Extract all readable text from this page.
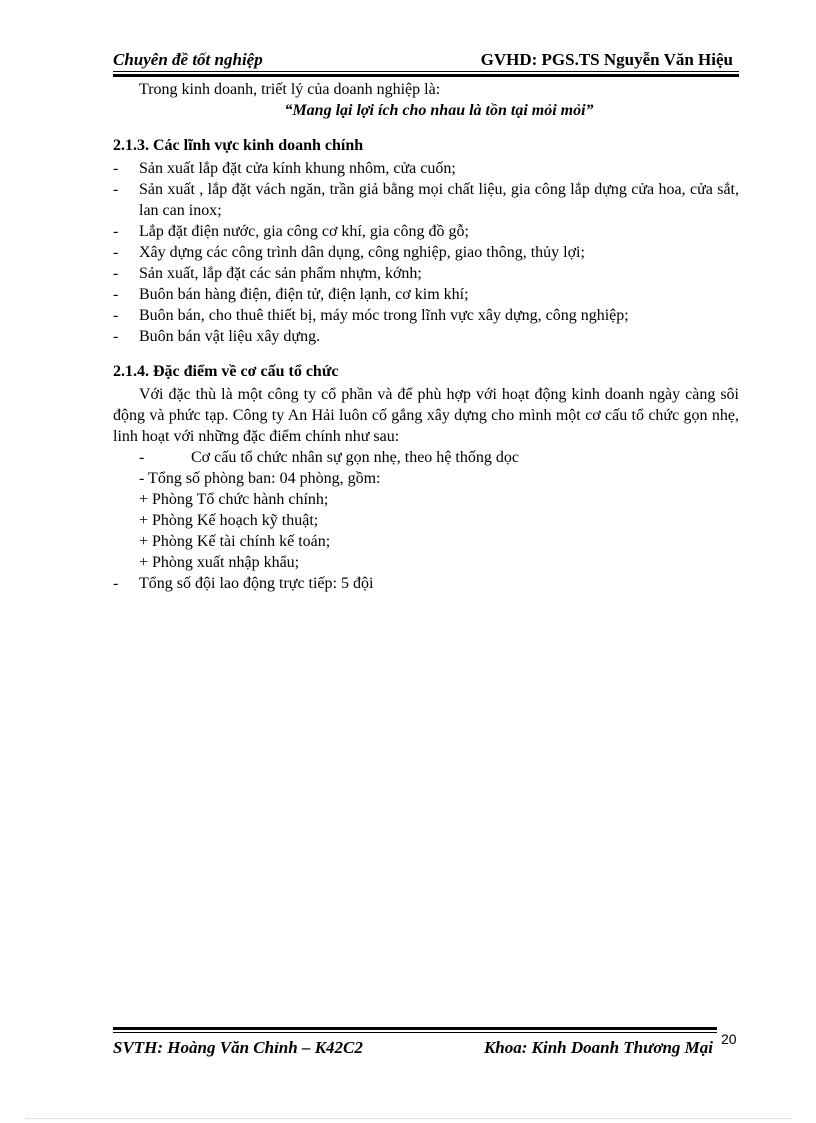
Chuyên đề tốt nghiệp	GVHD: PGS.TS Nguyễn Văn Hiệu
Trong kinh doanh, triết lý của doanh nghiệp là:
“Mang lại lợi ích cho nhau là tồn tại mỏi mỏi”
2.1.3. Các lĩnh vực kinh doanh chính
- Sản xuất lắp đặt cửa kính khung nhôm, cửa cuốn;
- Sản xuất , lắp đặt vách ngăn, trần giả bằng mọi chất liệu, gia công lắp dựng cửa hoa, cửa sắt, lan can inox;
- Lắp đặt điện nước, gia công cơ khí, gia công đồ gỗ;
- Xây dựng các công trình dân dụng, công nghiệp, giao thông, thủy lợi;
- Sản xuất, lắp đặt các sản phẩm nhựm, kớnh;
- Buôn bán hàng điện, điện tử, điện lạnh, cơ kim khí;
- Buôn bán, cho thuê thiết bị, máy móc trong lĩnh vực xây dựng, công nghiệp;
- Buôn bán vật liệu xây dựng.
2.1.4. Đặc điểm về cơ cấu tổ chức

Với đặc thù là một công ty cổ phần và để phù hợp với hoạt động kinh doanh ngày càng sôi động và phức tạp. Công ty An Hải luôn cố gắng xây dựng cho mình một cơ cấu tổ chức gọn nhẹ, linh hoạt với những đặc điểm chính như sau:

-	Cơ cấu tổ chức nhân sự gọn nhẹ, theo hệ thống dọc
- Tổng số phòng ban: 04 phòng, gồm:
+ Phòng Tổ chức hành chính;
+ Phòng Kế hoạch kỹ thuật;
+ Phòng Kế tài chính kế toán;
+ Phòng xuất nhập khẩu;
- Tổng số đội lao động trực tiếp: 5 đội
SVTH: Hoàng Văn Chỉnh – K42C2	Khoa: Kinh Doanh Thương Mại 20
